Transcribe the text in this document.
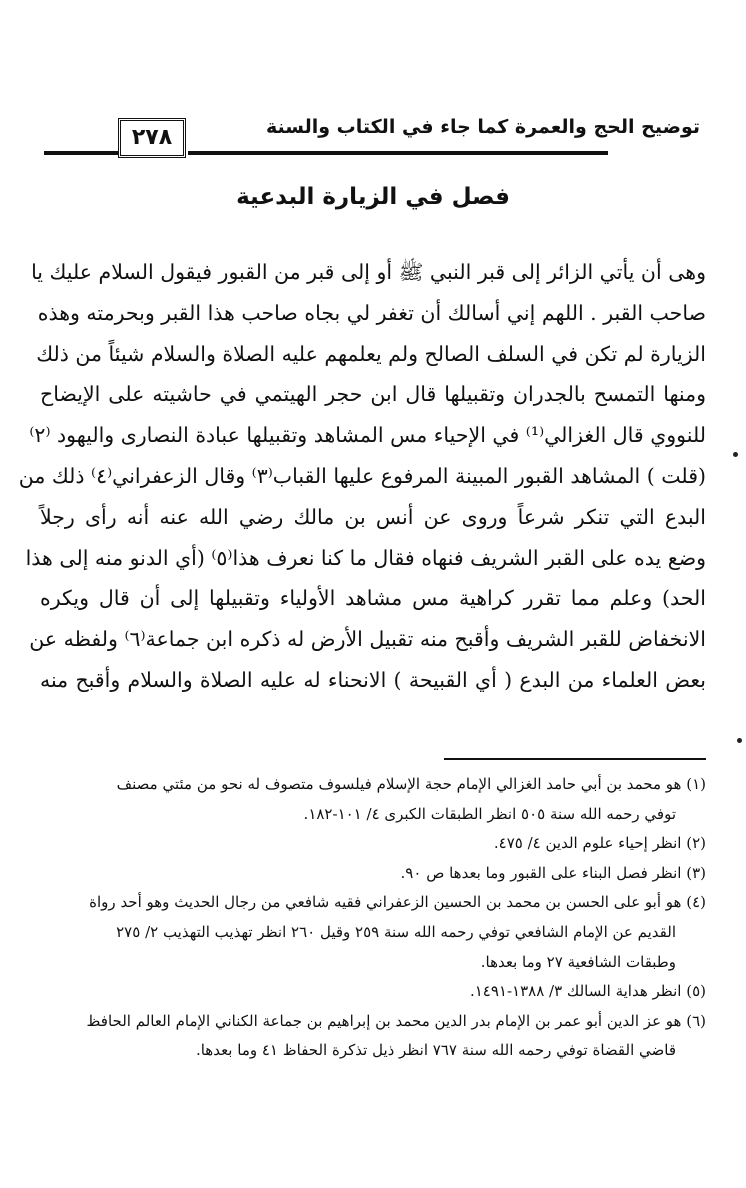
٢٧٨	توضيح الحج والعمرة كما جاء في الكتاب والسنة
فصل في الزيارة البدعية
وهى أن يأتي الزائر إلى قبر النبي ﷺ أو إلى قبر من القبور فيقول السلام عليك يا
صاحب القبر . اللهم إني أسالك أن تغفر لي بجاه صاحب هذا القبر وبحرمته وهذه
الزيارة لم تكن في السلف الصالح ولم يعلمهم عليه الصلاة والسلام شيئاً من ذلك
ومنها التمسح بالجدران وتقبيلها قال ابن حجر الهيتمي في حاشيته على الإيضاح
للنووي قال الغزالي⁽¹⁾ في الإحياء مس المشاهد وتقبيلها عبادة النصارى واليهود ⁽٢⁾
(قلت ) المشاهد القبور المبينة المرفوع عليها القباب⁽٣⁾ وقال الزعفراني⁽٤⁾ ذلك من
البدع التي تنكر شرعاً وروى عن أنس بن مالك رضي الله عنه أنه رأى رجلاً
وضع يده على القبر الشريف فنهاه فقال ما كنا نعرف هذا⁽٥⁾ (أي الدنو منه إلى هذا
الحد) وعلم مما تقرر كراهية مس مشاهد الأولياء وتقبيلها إلى أن قال ويكره
الانخفاض للقبر الشريف وأقبح منه تقبيل الأرض له ذكره ابن جماعة⁽٦⁾ ولفظه عن
بعض العلماء من البدع ( أي القبيحة ) الانحناء له عليه الصلاة والسلام وأقبح منه
(١) هو محمد بن أبي حامد الغزالي الإمام حجة الإسلام فيلسوف متصوف له نحو من مئتي مصنف
توفي رحمه الله سنة ٥٠٥ انظر الطبقات الكبرى ٤/ ١٠١-١٨٢.
(٢) انظر إحياء علوم الدين ٤/ ٤٧٥.
(٣) انظر فصل البناء على القبور وما بعدها ص ٩٠.
(٤) هو أبو على الحسن بن محمد بن الحسين الزعفراني فقيه شافعي من رجال الحديث وهو أحد رواة
القديم عن الإمام الشافعي توفي رحمه الله سنة ٢٥٩ وقيل ٢٦٠ انظر تهذيب التهذيب ٢/ ٢٧٥
وطبقات الشافعية ٢٧ وما بعدها.
(٥) انظر هداية السالك ٣/ ١٣٨٨-١٤٩١.
(٦) هو عز الدين أبو عمر بن الإمام بدر الدين محمد بن إبراهيم بن جماعة الكناني الإمام العالم الحافظ
قاضي القضاة توفي رحمه الله سنة ٧٦٧ انظر ذيل تذكرة الحفاظ ٤١ وما بعدها.
